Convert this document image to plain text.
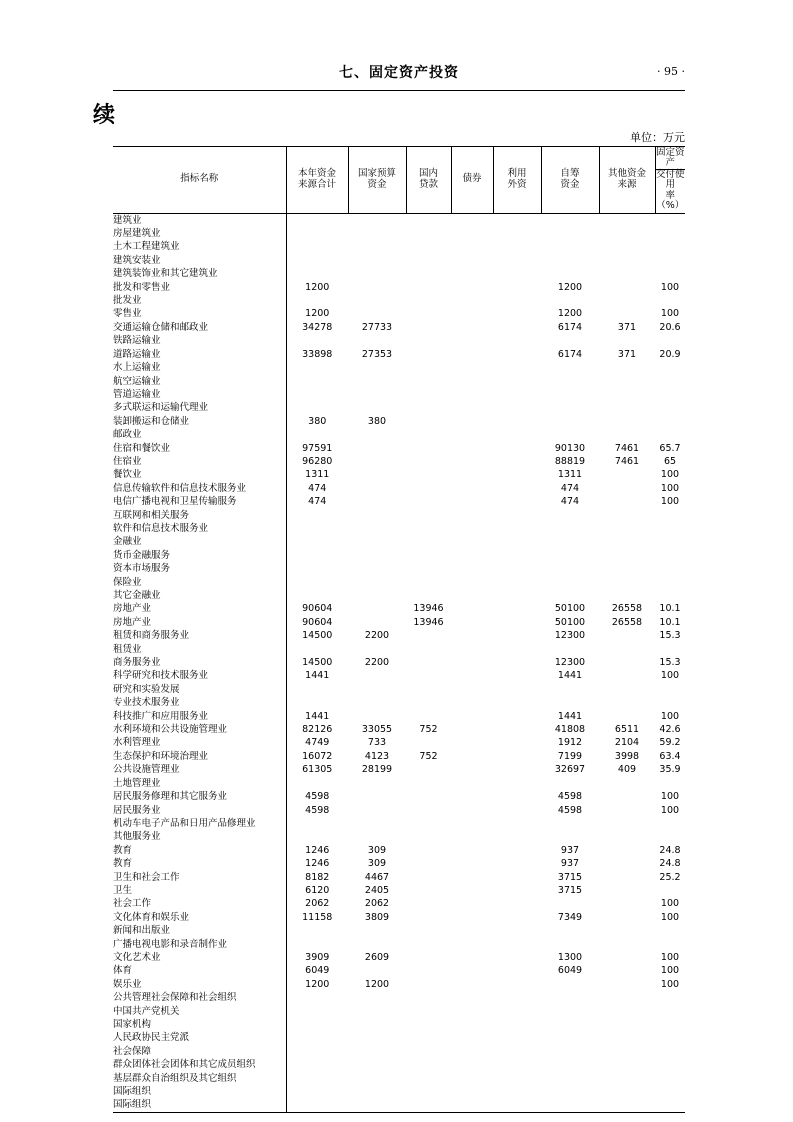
七、固定资产投资	· 95 ·
续
单位：万元
指标名称	本年资金
来源合计

国家预算
资金

国内
贷款	债券	利用
外资

自筹
资金

其他资金
来源

固定资产
交付使用
率（%）

建筑业								
房屋建筑业								
土木工程建筑业								
建筑安装业								
建筑装饰业和其它建筑业								
批发和零售业	1200					1200		100
批发业								
零售业	1200					1200		100
交通运输仓储和邮政业	34278	27733				6174	371	20.6
铁路运输业								
道路运输业	33898	27353				6174	371	20.9
水上运输业								
航空运输业								
管道运输业								
多式联运和运输代理业								
装卸搬运和仓储业	380	380						
邮政业								
住宿和餐饮业	97591					90130	7461	65.7
住宿业	96280					88819	7461	65
餐饮业	1311					1311		100
信息传输软件和信息技术服务业	474					474		100
电信广播电视和卫星传输服务	474					474		100
互联网和相关服务								
软件和信息技术服务业								
金融业								
货币金融服务								
资本市场服务								
保险业								
其它金融业								
房地产业	90604		13946			50100	26558	10.1
房地产业	90604		13946			50100	26558	10.1
租赁和商务服务业	14500	2200				12300		15.3
租赁业								
商务服务业	14500	2200				12300		15.3
科学研究和技术服务业	1441					1441		100
研究和实验发展								
专业技术服务业								
科技推广和应用服务业	1441					1441		100
水利环境和公共设施管理业	82126	33055	752			41808	6511	42.6
水利管理业	4749	733				1912	2104	59.2
生态保护和环境治理业	16072	4123	752			7199	3998	63.4
公共设施管理业	61305	28199				32697	409	35.9
土地管理业								
居民服务修理和其它服务业	4598					4598		100
居民服务业	4598					4598		100
机动车电子产品和日用产品修理业								
其他服务业								
教育	1246	309				937		24.8
教育	1246	309				937		24.8
卫生和社会工作	8182	4467				3715		25.2
卫生	6120	2405				3715		
社会工作	2062	2062						100
文化体育和娱乐业	11158	3809				7349		100
新闻和出版业								
广播电视电影和录音制作业								
文化艺术业	3909	2609				1300		100
体育	6049					6049		100
娱乐业	1200	1200						100
公共管理社会保障和社会组织								
中国共产党机关								
国家机构								
人民政协民主党派								
社会保障								
群众团体社会团体和其它成员组织								
基层群众自治组织及其它组织								
国际组织								
国际组织								
